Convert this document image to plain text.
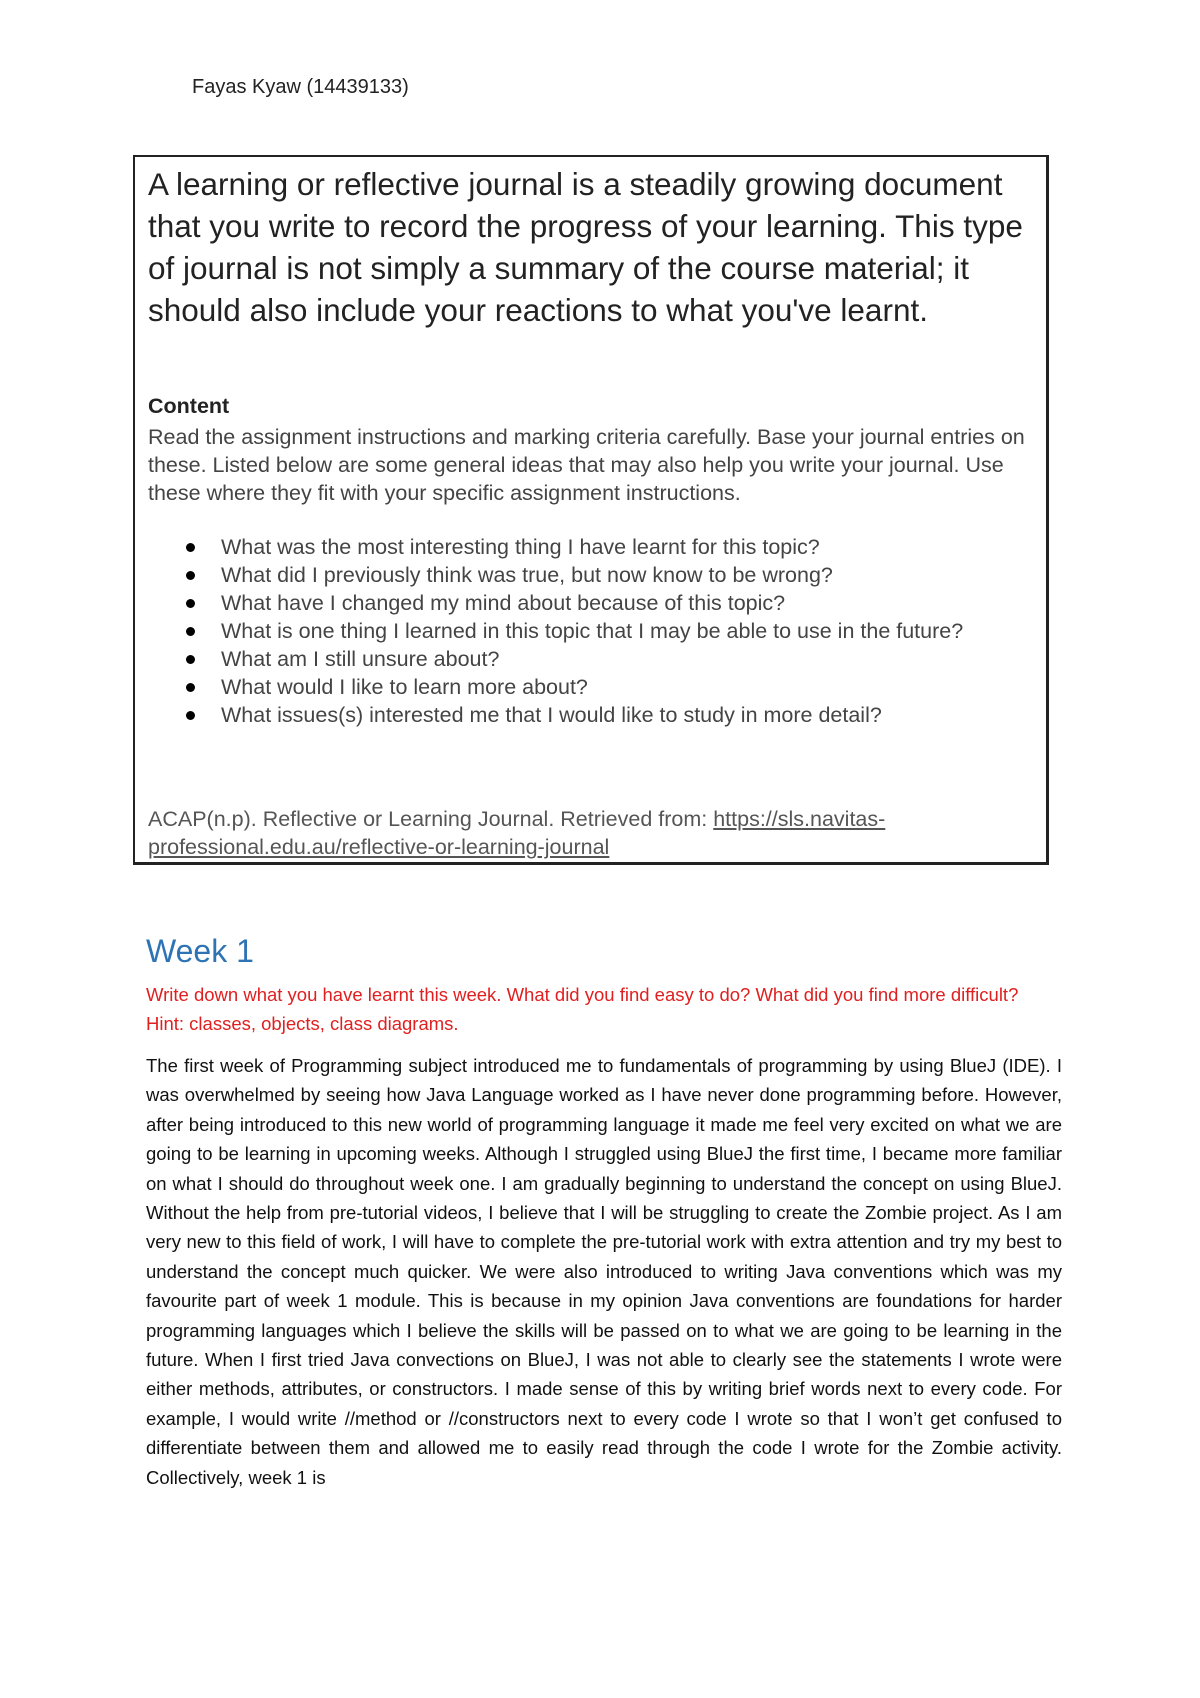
Fayas Kyaw (14439133)
A learning or reflective journal is a steadily growing document that you write to record the progress of your learning. This type of journal is not simply a summary of the course material; it should also include your reactions to what you've learnt.
Content
Read the assignment instructions and marking criteria carefully. Base your journal entries on these. Listed below are some general ideas that may also help you write your journal. Use these where they fit with your specific assignment instructions.
What was the most interesting thing I have learnt for this topic?
What did I previously think was true, but now know to be wrong?
What have I changed my mind about because of this topic?
What is one thing I learned in this topic that I may be able to use in the future?
What am I still unsure about?
What would I like to learn more about?
What issues(s) interested me that I would like to study in more detail?
ACAP(n.p). Reflective or Learning Journal. Retrieved from: https://sls.navitas-professional.edu.au/reflective-or-learning-journal
Week 1
Write down what you have learnt this week. What did you find easy to do? What did you find more difficult? Hint: classes, objects, class diagrams.

The first week of Programming subject introduced me to fundamentals of programming by using BlueJ (IDE). I was overwhelmed by seeing how Java Language worked as I have never done programming before. However, after being introduced to this new world of programming language it made me feel very excited on what we are going to be learning in upcoming weeks. Although I struggled using BlueJ the first time, I became more familiar on what I should do throughout week one. I am gradually beginning to understand the concept on using BlueJ. Without the help from pre-tutorial videos, I believe that I will be struggling to create the Zombie project. As I am very new to this field of work, I will have to complete the pre-tutorial work with extra attention and try my best to understand the concept much quicker. We were also introduced to writing Java conventions which was my favourite part of week 1 module. This is because in my opinion Java conventions are foundations for harder programming languages which I believe the skills will be passed on to what we are going to be learning in the future. When I first tried Java convections on BlueJ, I was not able to clearly see the statements I wrote were either methods, attributes, or constructors. I made sense of this by writing brief words next to every code. For example, I would write //method or //constructors next to every code I wrote so that I won’t get confused to differentiate between them and allowed me to easily read through the code I wrote for the Zombie activity. Collectively, week 1 is
